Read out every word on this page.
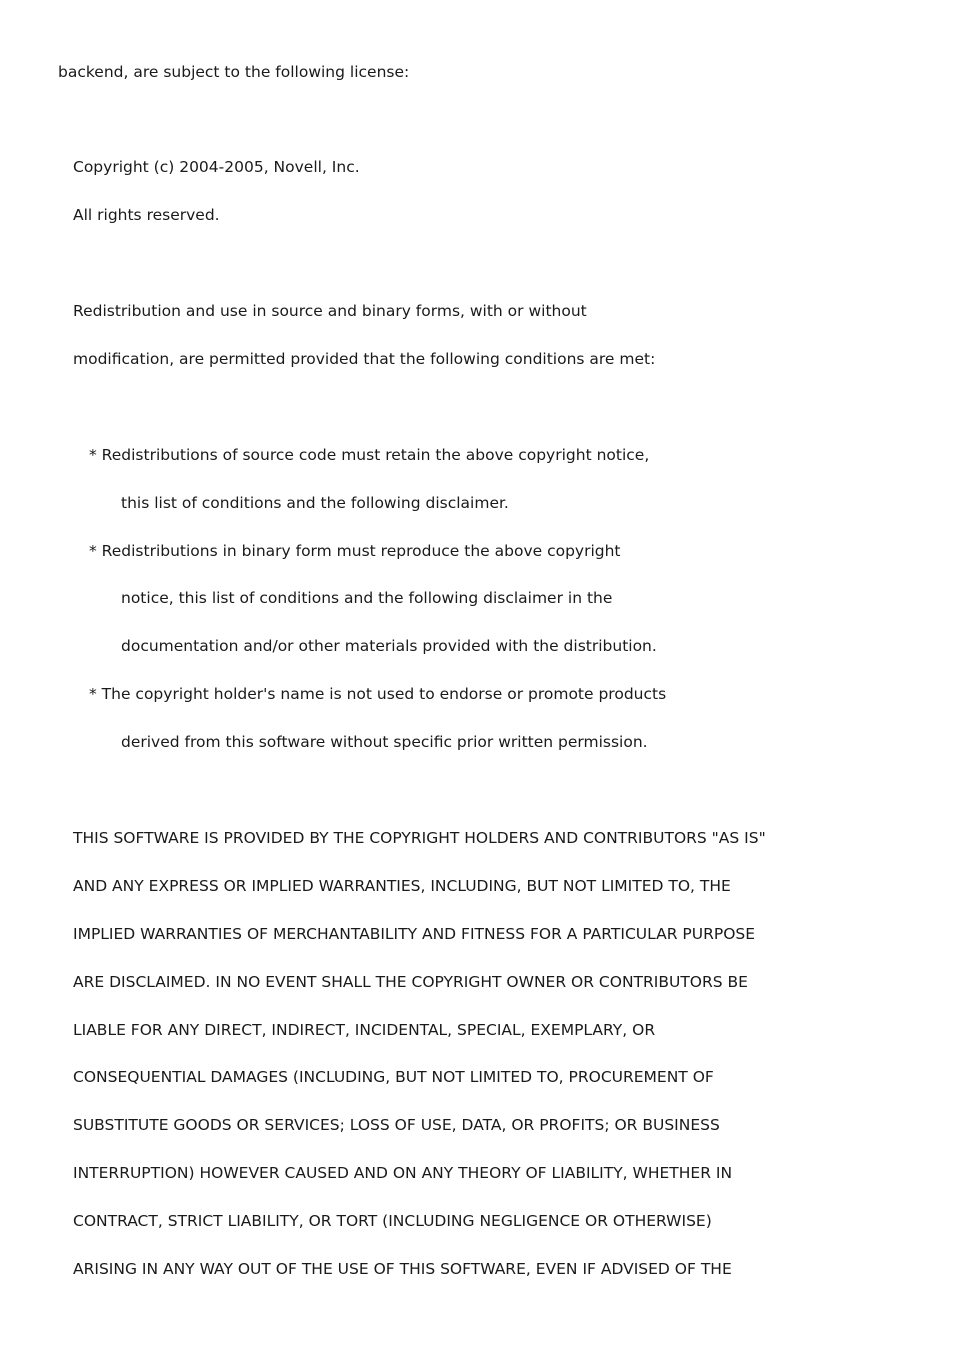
backend, are subject to the following license:

Copyright (c) 2004-2005, Novell, Inc.

All rights reserved.

Redistribution and use in source and binary forms, with or without

modification, are permitted provided that the following conditions are met:

* Redistributions of source code must retain the above copyright notice,

this list of conditions and the following disclaimer.

* Redistributions in binary form must reproduce the above copyright

notice, this list of conditions and the following disclaimer in the

documentation and/or other materials provided with the distribution.

* The copyright holder's name is not used to endorse or promote products

derived from this software without specific prior written permission.

THIS SOFTWARE IS PROVIDED BY THE COPYRIGHT HOLDERS AND CONTRIBUTORS "AS IS"

AND ANY EXPRESS OR IMPLIED WARRANTIES, INCLUDING, BUT NOT LIMITED TO, THE

IMPLIED WARRANTIES OF MERCHANTABILITY AND FITNESS FOR A PARTICULAR PURPOSE

ARE DISCLAIMED. IN NO EVENT SHALL THE COPYRIGHT OWNER OR CONTRIBUTORS BE

LIABLE FOR ANY DIRECT, INDIRECT, INCIDENTAL, SPECIAL, EXEMPLARY, OR

CONSEQUENTIAL DAMAGES (INCLUDING, BUT NOT LIMITED TO, PROCUREMENT OF

SUBSTITUTE GOODS OR SERVICES; LOSS OF USE, DATA, OR PROFITS; OR BUSINESS

INTERRUPTION) HOWEVER CAUSED AND ON ANY THEORY OF LIABILITY, WHETHER IN

CONTRACT, STRICT LIABILITY, OR TORT (INCLUDING NEGLIGENCE OR OTHERWISE)

ARISING IN ANY WAY OUT OF THE USE OF THIS SOFTWARE, EVEN IF ADVISED OF THE
